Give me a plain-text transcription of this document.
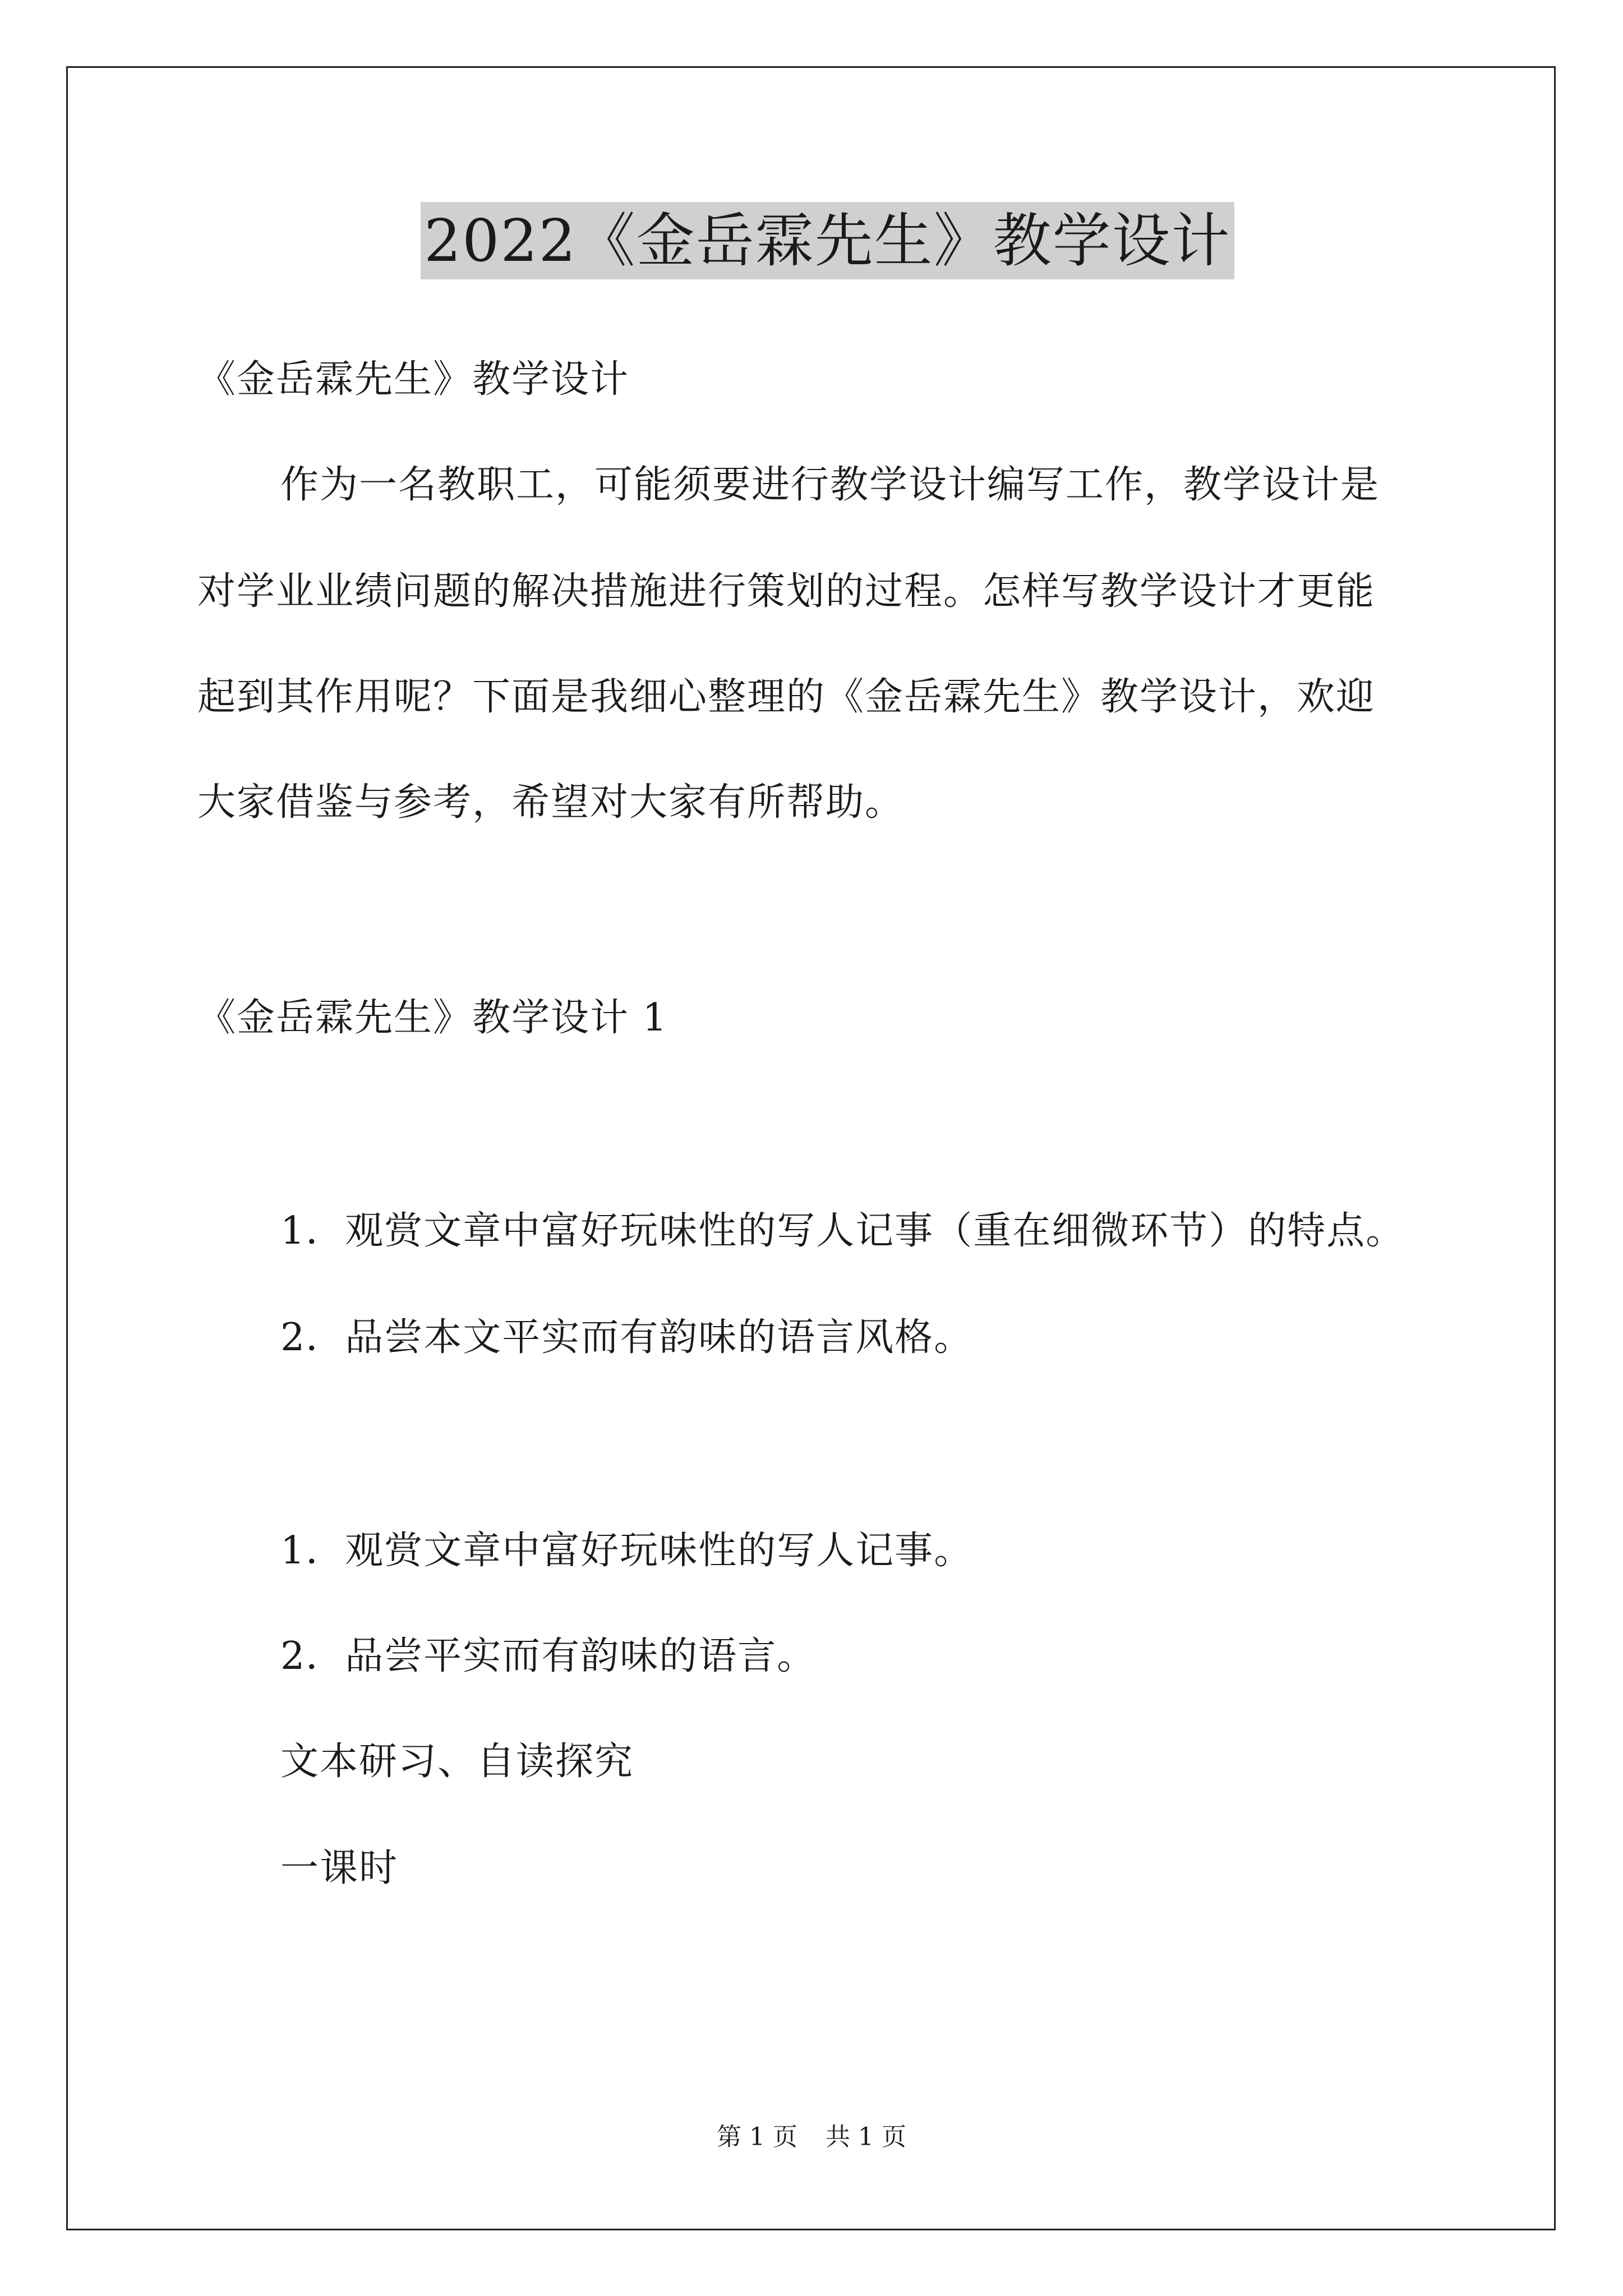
2022《金岳霖先生》教学设计
《金岳霖先生》教学设计
作为一名教职工，可能须要进行教学设计编写工作，教学设计是
对学业业绩问题的解决措施进行策划的过程。怎样写教学设计才更能
起到其作用呢？下面是我细心整理的《金岳霖先生》教学设计，欢迎
大家借鉴与参考，希望对大家有所帮助。
《金岳霖先生》教学设计 1
1．观赏文章中富好玩味性的写人记事（重在细微环节）的特点。
2．品尝本文平实而有韵味的语言风格。
1．观赏文章中富好玩味性的写人记事。
2．品尝平实而有韵味的语言。
文本研习、自读探究
一课时
第 1 页 共 1 页
